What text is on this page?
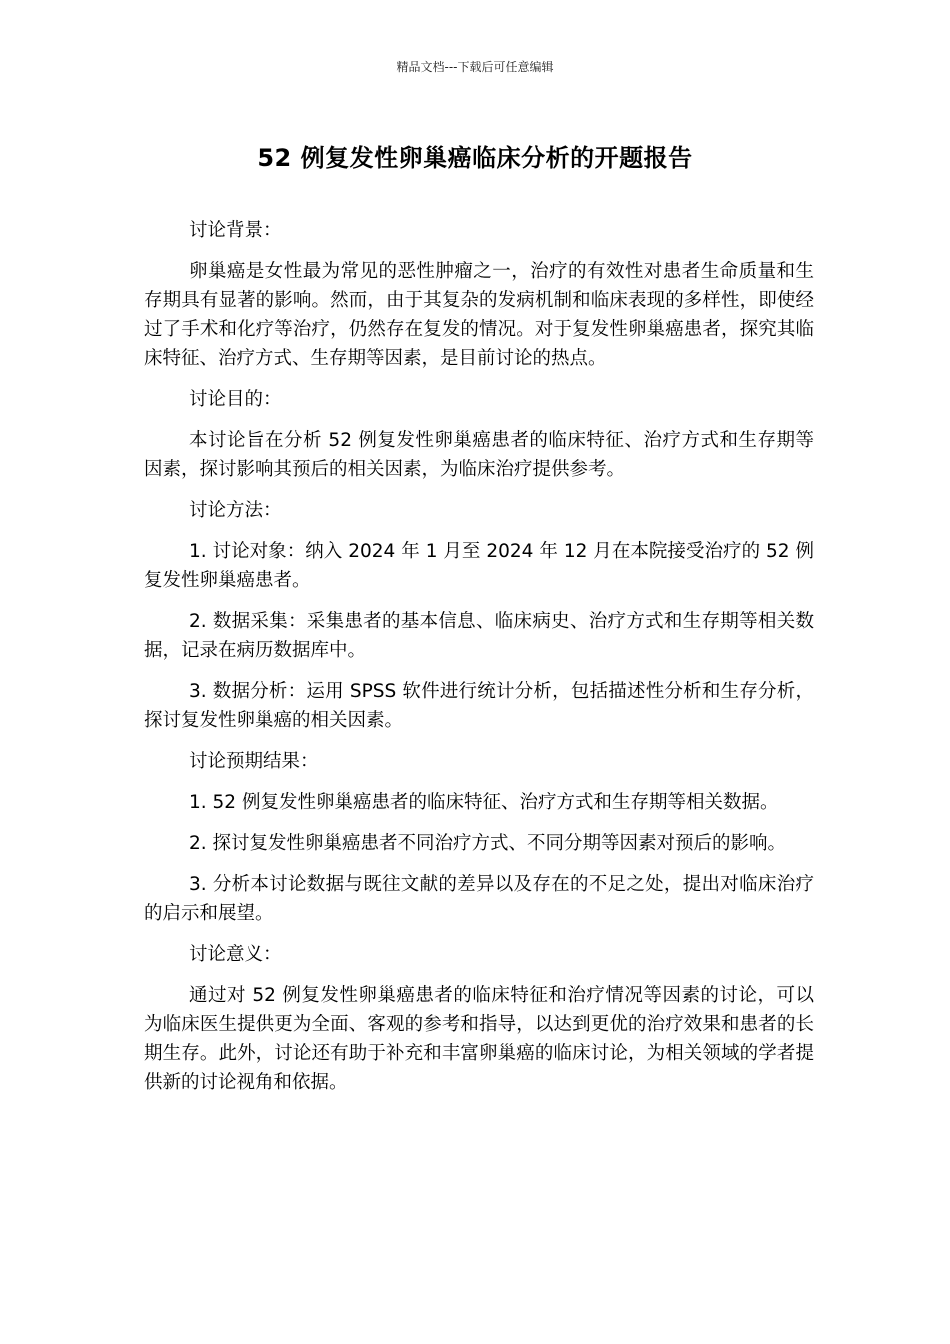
精品文档---下载后可任意编辑
52 例复发性卵巢癌临床分析的开题报告

讨论背景：

卵巢癌是女性最为常见的恶性肿瘤之一，治疗的有效性对患者生命质量和生存期具有显著的影响。然而，由于其复杂的发病机制和临床表现的多样性，即使经过了手术和化疗等治疗，仍然存在复发的情况。对于复发性卵巢癌患者，探究其临床特征、治疗方式、生存期等因素，是目前讨论的热点。

讨论目的：

本讨论旨在分析 52 例复发性卵巢癌患者的临床特征、治疗方式和生存期等因素，探讨影响其预后的相关因素，为临床治疗提供参考。

讨论方法：

1. 讨论对象：纳入 2024 年 1 月至 2024 年 12 月在本院接受治疗的 52 例复发性卵巢癌患者。

2. 数据采集：采集患者的基本信息、临床病史、治疗方式和生存期等相关数据，记录在病历数据库中。

3. 数据分析：运用 SPSS 软件进行统计分析，包括描述性分析和生存分析，探讨复发性卵巢癌的相关因素。

讨论预期结果：

1. 52 例复发性卵巢癌患者的临床特征、治疗方式和生存期等相关数据。

2. 探讨复发性卵巢癌患者不同治疗方式、不同分期等因素对预后的影响。

3. 分析本讨论数据与既往文献的差异以及存在的不足之处，提出对临床治疗的启示和展望。

讨论意义：

通过对 52 例复发性卵巢癌患者的临床特征和治疗情况等因素的讨论，可以为临床医生提供更为全面、客观的参考和指导，以达到更优的治疗效果和患者的长期生存。此外，讨论还有助于补充和丰富卵巢癌的临床讨论，为相关领域的学者提供新的讨论视角和依据。
